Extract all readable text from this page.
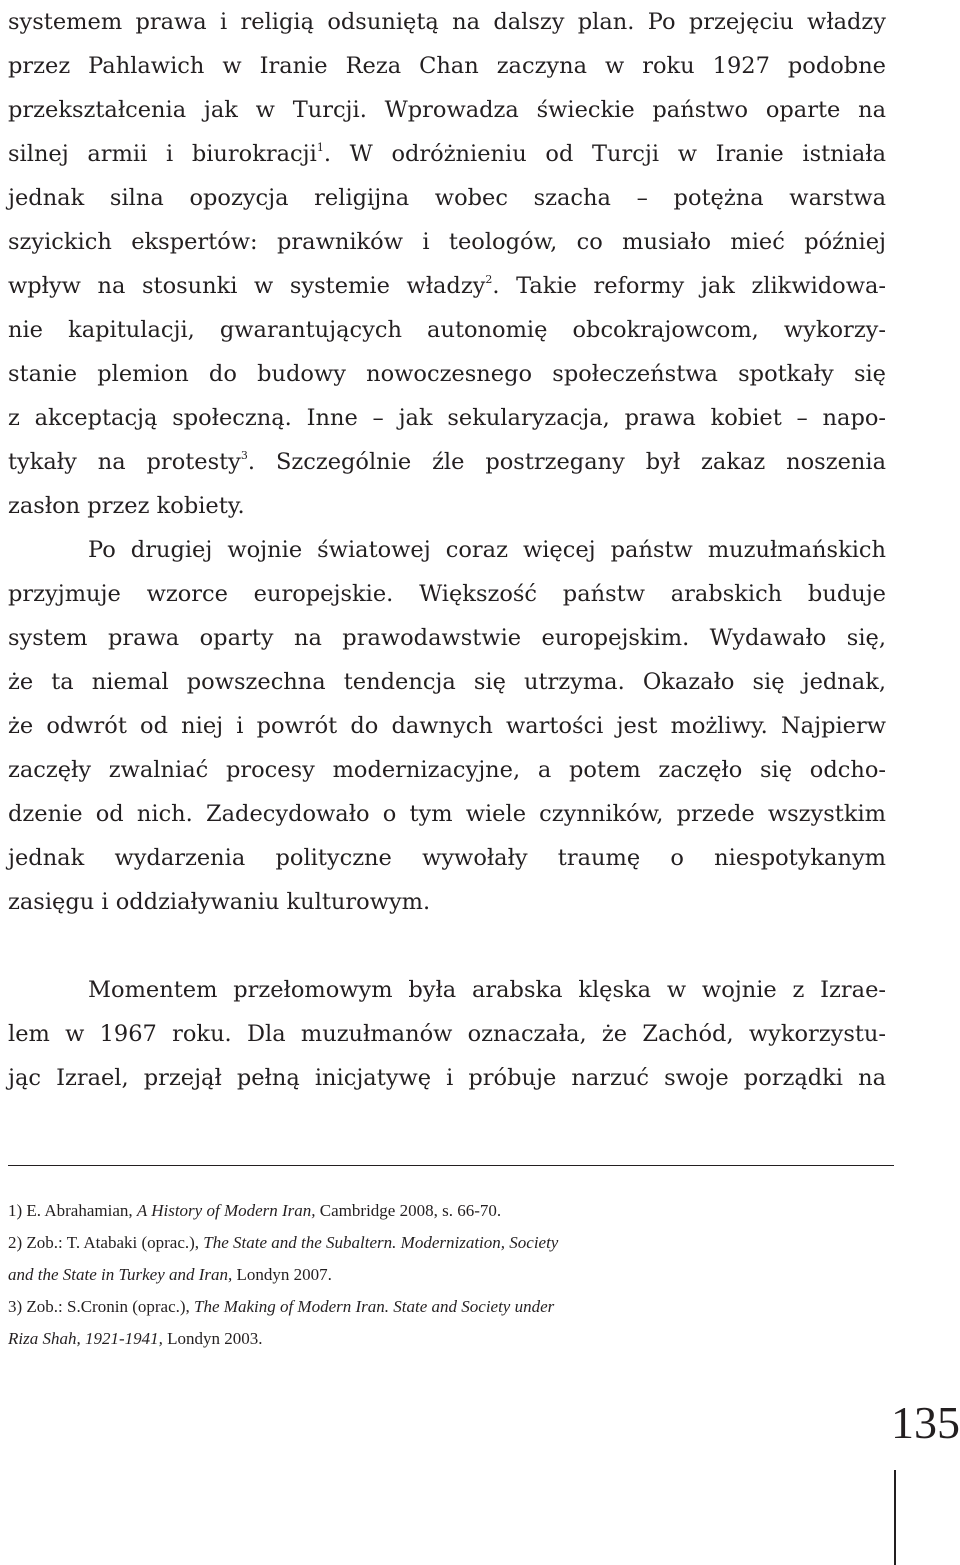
systemem prawa i religią odsuniętą na dalszy plan. Po przejęciu władzy
przez Pahlawich w Iranie Reza Chan zaczyna w roku 1927 podobne
przekształcenia jak w Turcji. Wprowadza świeckie państwo oparte na
silnej armii i biurokracji$^1$. W odróżnieniu od Turcji w Iranie istniała
jednak silna opozycja religijna wobec szacha – potężna warstwa
szyickich ekspertów: prawników i teologów, co musiało mieć później
wpływ na stosunki w systemie władzy$^2$. Takie reformy jak zlikwidowa-
nie kapitulacji, gwarantujących autonomię obcokrajowcom, wykorzy-
stanie plemion do budowy nowoczesnego społeczeństwa spotkały się
z akceptacją społeczną. Inne – jak sekularyzacja, prawa kobiet – napo-
tykały na protesty$^3$. Szczególnie źle postrzegany był zakaz noszenia
zasłon przez kobiety.

Po drugiej wojnie światowej coraz więcej państw muzułmańskich
przyjmuje wzorce europejskie. Większość państw arabskich buduje
system prawa oparty na prawodawstwie europejskim. Wydawało się,
że ta niemal powszechna tendencja się utrzyma. Okazało się jednak,
że odwrót od niej i powrót do dawnych wartości jest możliwy. Najpierw
zaczęły zwalniać procesy modernizacyjne, a potem zaczęło się odcho-
dzenie od nich. Zadecydowało o tym wiele czynników, przede wszystkim
jednak wydarzenia polityczne wywołały traumę o niespotykanym
zasięgu i oddziaływaniu kulturowym.

Momentem przełomowym była arabska klęska w wojnie z Izrae-
lem w 1967 roku. Dla muzułmanów oznaczała, że Zachód, wykorzystu-
jąc Izrael, przejął pełną inicjatywę i próbuje narzuć swoje porządki na

1) E. Abrahamian, A History of Modern Iran, Cambridge 2008, s. 66-70.

2) Zob.: T. Atabaki (oprac.), The State and the Subaltern. Modernization, Society
and the State in Turkey and Iran, Londyn 2007.

3) Zob.: S.Cronin (oprac.), The Making of Modern Iran. State and Society under
Riza Shah, 1921-1941, Londyn 2003.

135
